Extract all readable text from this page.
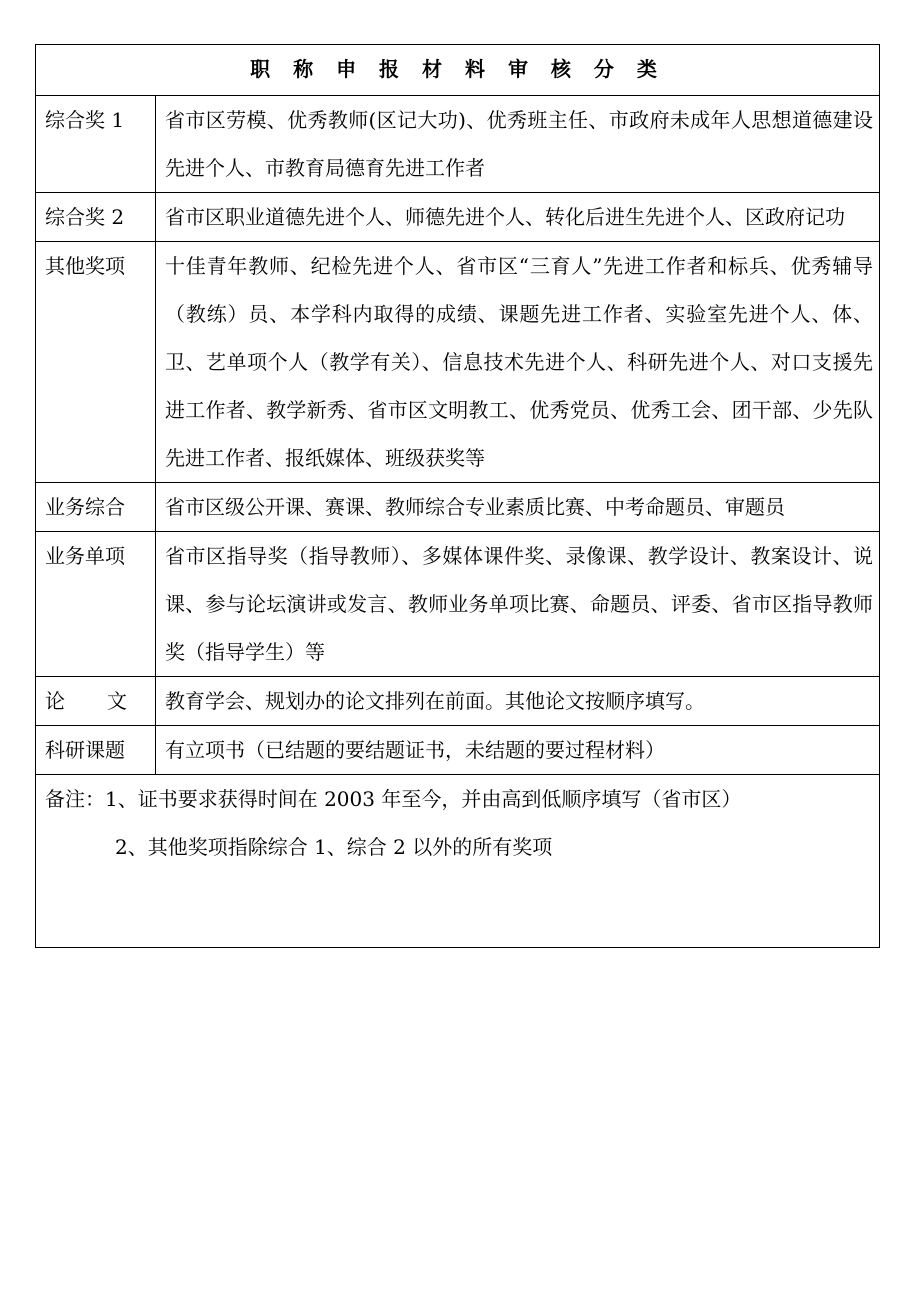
职 称 申 报 材 料 审 核 分 类	
综合奖 1	省市区劳模、优秀教师(区记大功)、优秀班主任、市政府未成年人思想道德建设先进个人、市教育局德育先进工作者
综合奖 2	省市区职业道德先进个人、师德先进个人、转化后进生先进个人、区政府记功
其他奖项	十佳青年教师、纪检先进个人、省市区“三育人”先进工作者和标兵、优秀辅导（教练）员、本学科内取得的成绩、课题先进工作者、实验室先进个人、体、卫、艺单项个人（教学有关）、信息技术先进个人、科研先进个人、对口支援先进工作者、教学新秀、省市区文明教工、优秀党员、优秀工会、团干部、少先队先进工作者、报纸媒体、班级获奖等
业务综合	省市区级公开课、赛课、教师综合专业素质比赛、中考命题员、审题员
业务单项	省市区指导奖（指导教师）、多媒体课件奖、录像课、教学设计、教案设计、说课、参与论坛演讲或发言、教师业务单项比赛、命题员、评委、省市区指导教师奖（指导学生）等

论 文	教育学会、规划办的论文排列在前面。其他论文按顺序填写。
科研课题	有立项书（已结题的要结题证书，未结题的要过程材料）

备注：1、证书要求获得时间在 2003 年至今，并由高到低顺序填写（省市区）
2、其他奖项指除综合 1、综合 2 以外的所有奖项	
